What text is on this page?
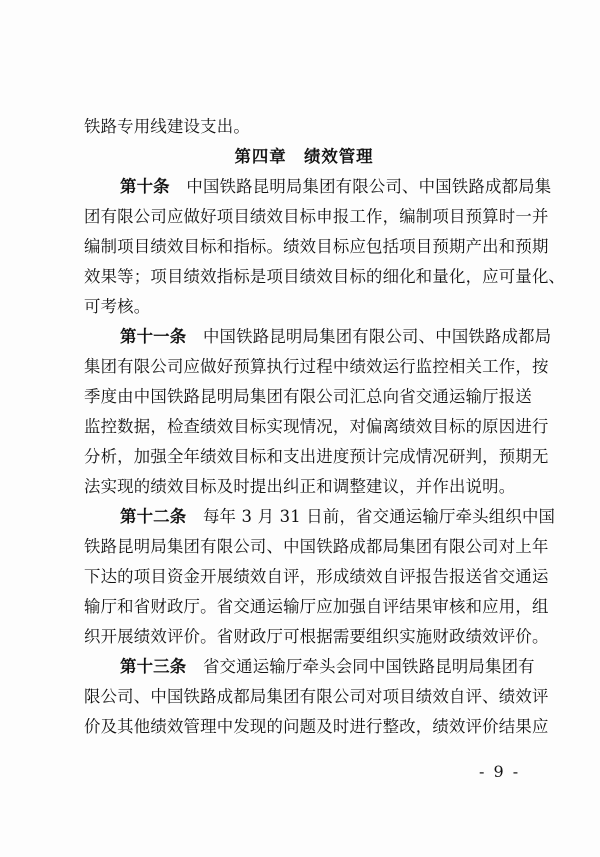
铁路专用线建设支出。
第四章　绩效管理
第十条　中国铁路昆明局集团有限公司、中国铁路成都局集
团有限公司应做好项目绩效目标申报工作，编制项目预算时一并
编制项目绩效目标和指标。绩效目标应包括项目预期产出和预期
效果等；项目绩效指标是项目绩效目标的细化和量化，应可量化、
可考核。
第十一条　中国铁路昆明局集团有限公司、中国铁路成都局
集团有限公司应做好预算执行过程中绩效运行监控相关工作，按
季度由中国铁路昆明局集团有限公司汇总向省交通运输厅报送
监控数据，检查绩效目标实现情况，对偏离绩效目标的原因进行
分析，加强全年绩效目标和支出进度预计完成情况研判，预期无
法实现的绩效目标及时提出纠正和调整建议，并作出说明。
第十二条　每年 3 月 31 日前，省交通运输厅牵头组织中国
铁路昆明局集团有限公司、中国铁路成都局集团有限公司对上年
下达的项目资金开展绩效自评，形成绩效自评报告报送省交通运
输厅和省财政厅。省交通运输厅应加强自评结果审核和应用，组
织开展绩效评价。省财政厅可根据需要组织实施财政绩效评价。
第十三条　省交通运输厅牵头会同中国铁路昆明局集团有
限公司、中国铁路成都局集团有限公司对项目绩效自评、绩效评
价及其他绩效管理中发现的问题及时进行整改，绩效评价结果应
- 9 -
